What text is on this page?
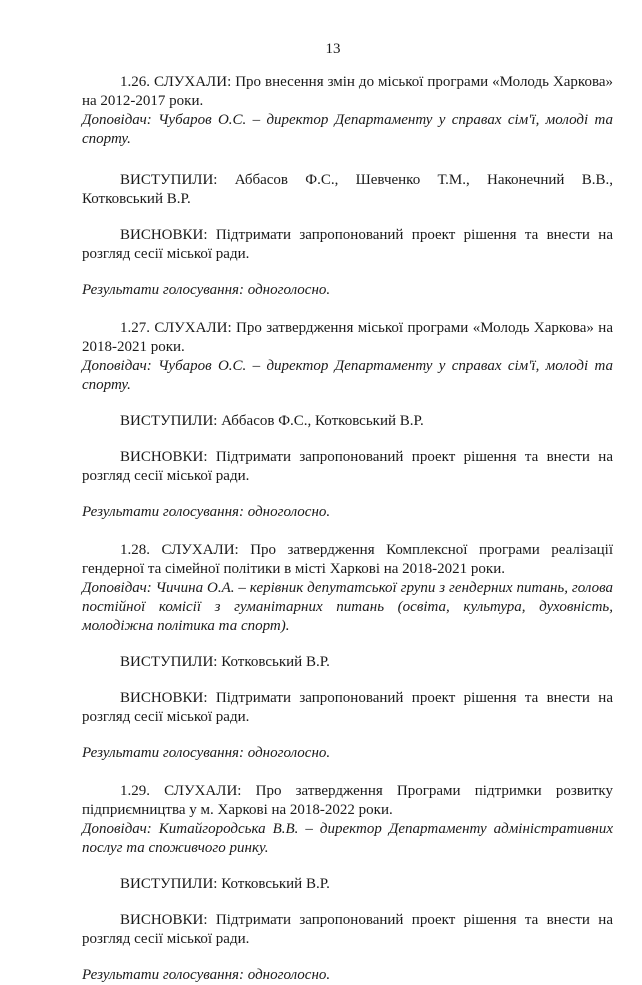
13

1.26. СЛУХАЛИ: Про внесення змін до міської програми «Молодь Харкова» на 2012-2017 роки.

Доповідач: Чубаров О.С. – директор Департаменту у справах сім'ї, молоді та спорту.

ВИСТУПИЛИ: Аббасов Ф.С., Шевченко Т.М., Наконечний В.В., Котковський В.Р.

ВИСНОВКИ: Підтримати запропонований проект рішення та внести на розгляд сесії міської ради.

Результати голосування: одноголосно.

1.27. СЛУХАЛИ: Про затвердження міської програми «Молодь Харкова» на 2018-2021 роки.

Доповідач: Чубаров О.С. – директор Департаменту у справах сім'ї, молоді та спорту.

ВИСТУПИЛИ: Аббасов Ф.С., Котковський В.Р.

ВИСНОВКИ: Підтримати запропонований проект рішення та внести на розгляд сесії міської ради.

Результати голосування: одноголосно.

1.28. СЛУХАЛИ: Про затвердження Комплексної програми реалізації гендерної та сімейної політики в місті Харкові на 2018-2021 роки.

Доповідач: Чичина О.А. – керівник депутатської групи з гендерних питань, голова постійної комісії з гуманітарних питань (освіта, культура, духовність, молодіжна політика та спорт).

ВИСТУПИЛИ: Котковський В.Р.

ВИСНОВКИ: Підтримати запропонований проект рішення та внести на розгляд сесії міської ради.

Результати голосування: одноголосно.

1.29. СЛУХАЛИ: Про затвердження Програми підтримки розвитку підприємництва у м. Харкові на 2018-2022 роки.

Доповідач: Китайгородська В.В. – директор Департаменту адміністративних послуг та споживчого ринку.

ВИСТУПИЛИ: Котковський В.Р.

ВИСНОВКИ: Підтримати запропонований проект рішення та внести на розгляд сесії міської ради.

Результати голосування: одноголосно.
